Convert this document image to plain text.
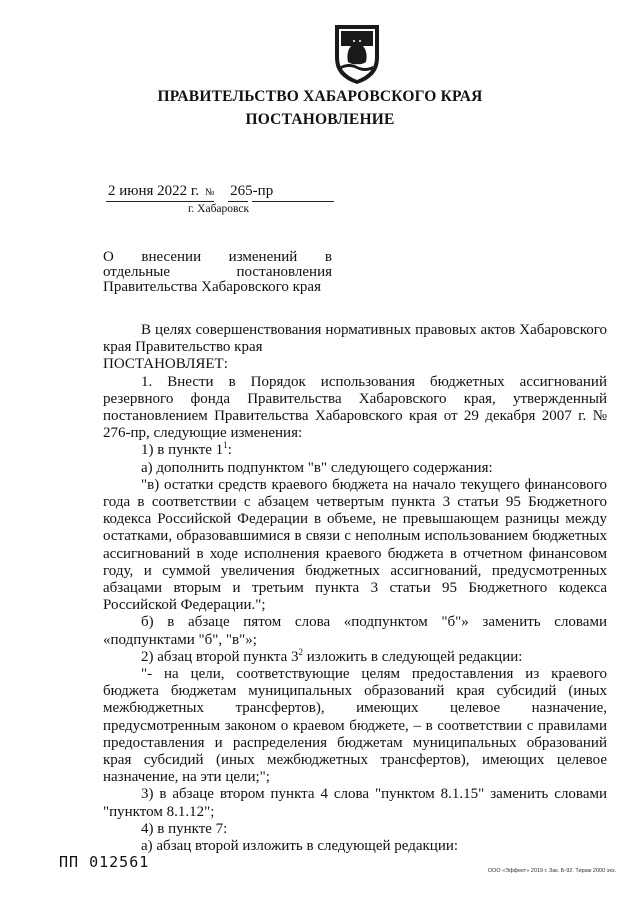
ПРАВИТЕЛЬСТВО ХАБАРОВСКОГО КРАЯ
ПОСТАНОВЛЕНИЕ
2 июня 2022 г. № 265-пр
г. Хабаровск
О внесении изменений в
отдельные	постановления
Правительства Хабаровского края

В целях совершенствования нормативных правовых актов Хабаровского края Правительство края

ПОСТАНОВЛЯЕТ:

1. Внести в Порядок использования бюджетных ассигнований резервного фонда Правительства Хабаровского края, утвержденный постановлением Правительства Хабаровского края от 29 декабря 2007 г. № 276-пр, следующие изменения:

1) в пункте $1^1$:

а) дополнить подпунктом "в" следующего содержания:

"в) остатки средств краевого бюджета на начало текущего финансового года в соответствии с абзацем четвертым пункта 3 статьи 95 Бюджетного кодекса Российской Федерации в объеме, не превышающем разницы между остатками, образовавшимися в связи с неполным использованием бюджетных ассигнований в ходе исполнения краевого бюджета в отчетном финансовом году, и суммой увеличения бюджетных ассигнований, предусмотренных абзацами вторым и третьим пункта 3 статьи 95 Бюджетного кодекса Российской Федерации.";

б) в абзаце пятом слова «подпунктом "б"» заменить словами «подпунктами "б", "в"»;

2) абзац второй пункта $3^2$ изложить в следующей редакции:

"- на цели, соответствующие целям предоставления из краевого бюджета бюджетам муниципальных образований края субсидий (иных межбюджетных трансфертов), имеющих целевое назначение, предусмотренным законом о краевом бюджете, – в соответствии с правилами предоставления и распределения бюджетам муниципальных образований края субсидий (иных межбюджетных трансфертов), имеющих целевое назначение, на эти цели;";

3) в абзаце втором пункта 4 слова "пунктом 8.1.15" заменить словами "пунктом 8.1.12";

4) в пункте 7:

а) абзац второй изложить в следующей редакции:

ПП 012561	ООО «Эффект» 2019 г. Зак. Б-92. Тираж 2000 экз.
